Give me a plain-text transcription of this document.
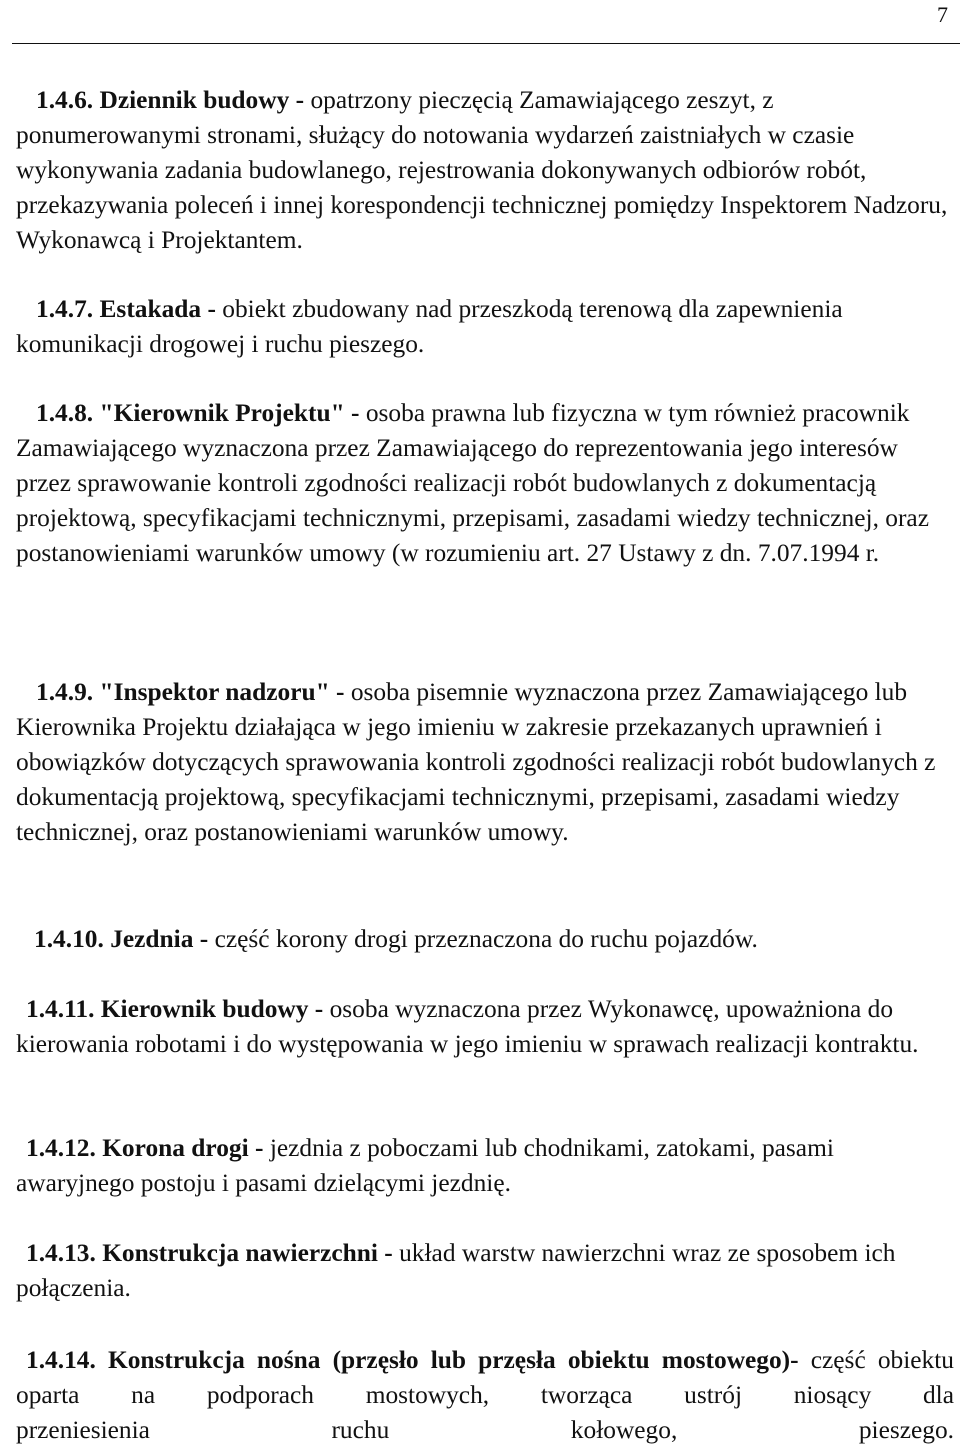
7

1.4.6. Dziennik budowy - opatrzony pieczęcią Zamawiającego zeszyt, z ponumerowanymi stronami, służący do notowania wydarzeń zaistniałych w czasie wykonywania zadania budowlanego, rejestrowania dokonywanych odbiorów robót, przekazywania poleceń i innej korespondencji technicznej pomiędzy Inspektorem Nadzoru, Wykonawcą i Projektantem.

1.4.7. Estakada - obiekt zbudowany nad przeszkodą terenową dla zapewnienia komunikacji drogowej i ruchu pieszego.

1.4.8. "Kierownik Projektu" - osoba prawna lub fizyczna w tym również pracownik Zamawiającego wyznaczona przez Zamawiającego do reprezentowania jego interesów przez sprawowanie kontroli zgodności realizacji robót budowlanych z dokumentacją projektową, specyfikacjami technicznymi, przepisami, zasadami wiedzy technicznej, oraz postanowieniami warunków umowy (w rozumieniu art. 27 Ustawy z dn. 7.07.1994 r.

1.4.9. "Inspektor nadzoru" - osoba pisemnie wyznaczona przez Zamawiającego lub Kierownika Projektu działająca w jego imieniu w zakresie przekazanych uprawnień i obowiązków dotyczących sprawowania kontroli zgodności realizacji robót budowlanych z dokumentacją projektową, specyfikacjami technicznymi, przepisami, zasadami wiedzy technicznej, oraz postanowieniami warunków umowy.

1.4.10. Jezdnia - część korony drogi przeznaczona do ruchu pojazdów.

1.4.11. Kierownik budowy - osoba wyznaczona przez Wykonawcę, upoważniona do kierowania robotami i do występowania w jego imieniu w sprawach realizacji kontraktu.

1.4.12. Korona drogi - jezdnia z poboczami lub chodnikami, zatokami, pasami awaryjnego postoju i pasami dzielącymi jezdnię.

1.4.13. Konstrukcja nawierzchni - układ warstw nawierzchni wraz ze sposobem ich połączenia.

1.4.14. Konstrukcja nośna (przęsło lub przęsła obiektu mostowego)- część obiektu oparta na podporach mostowych, tworząca ustrój niosący dla
przeniesienia ruchu kołowego, pieszego.
